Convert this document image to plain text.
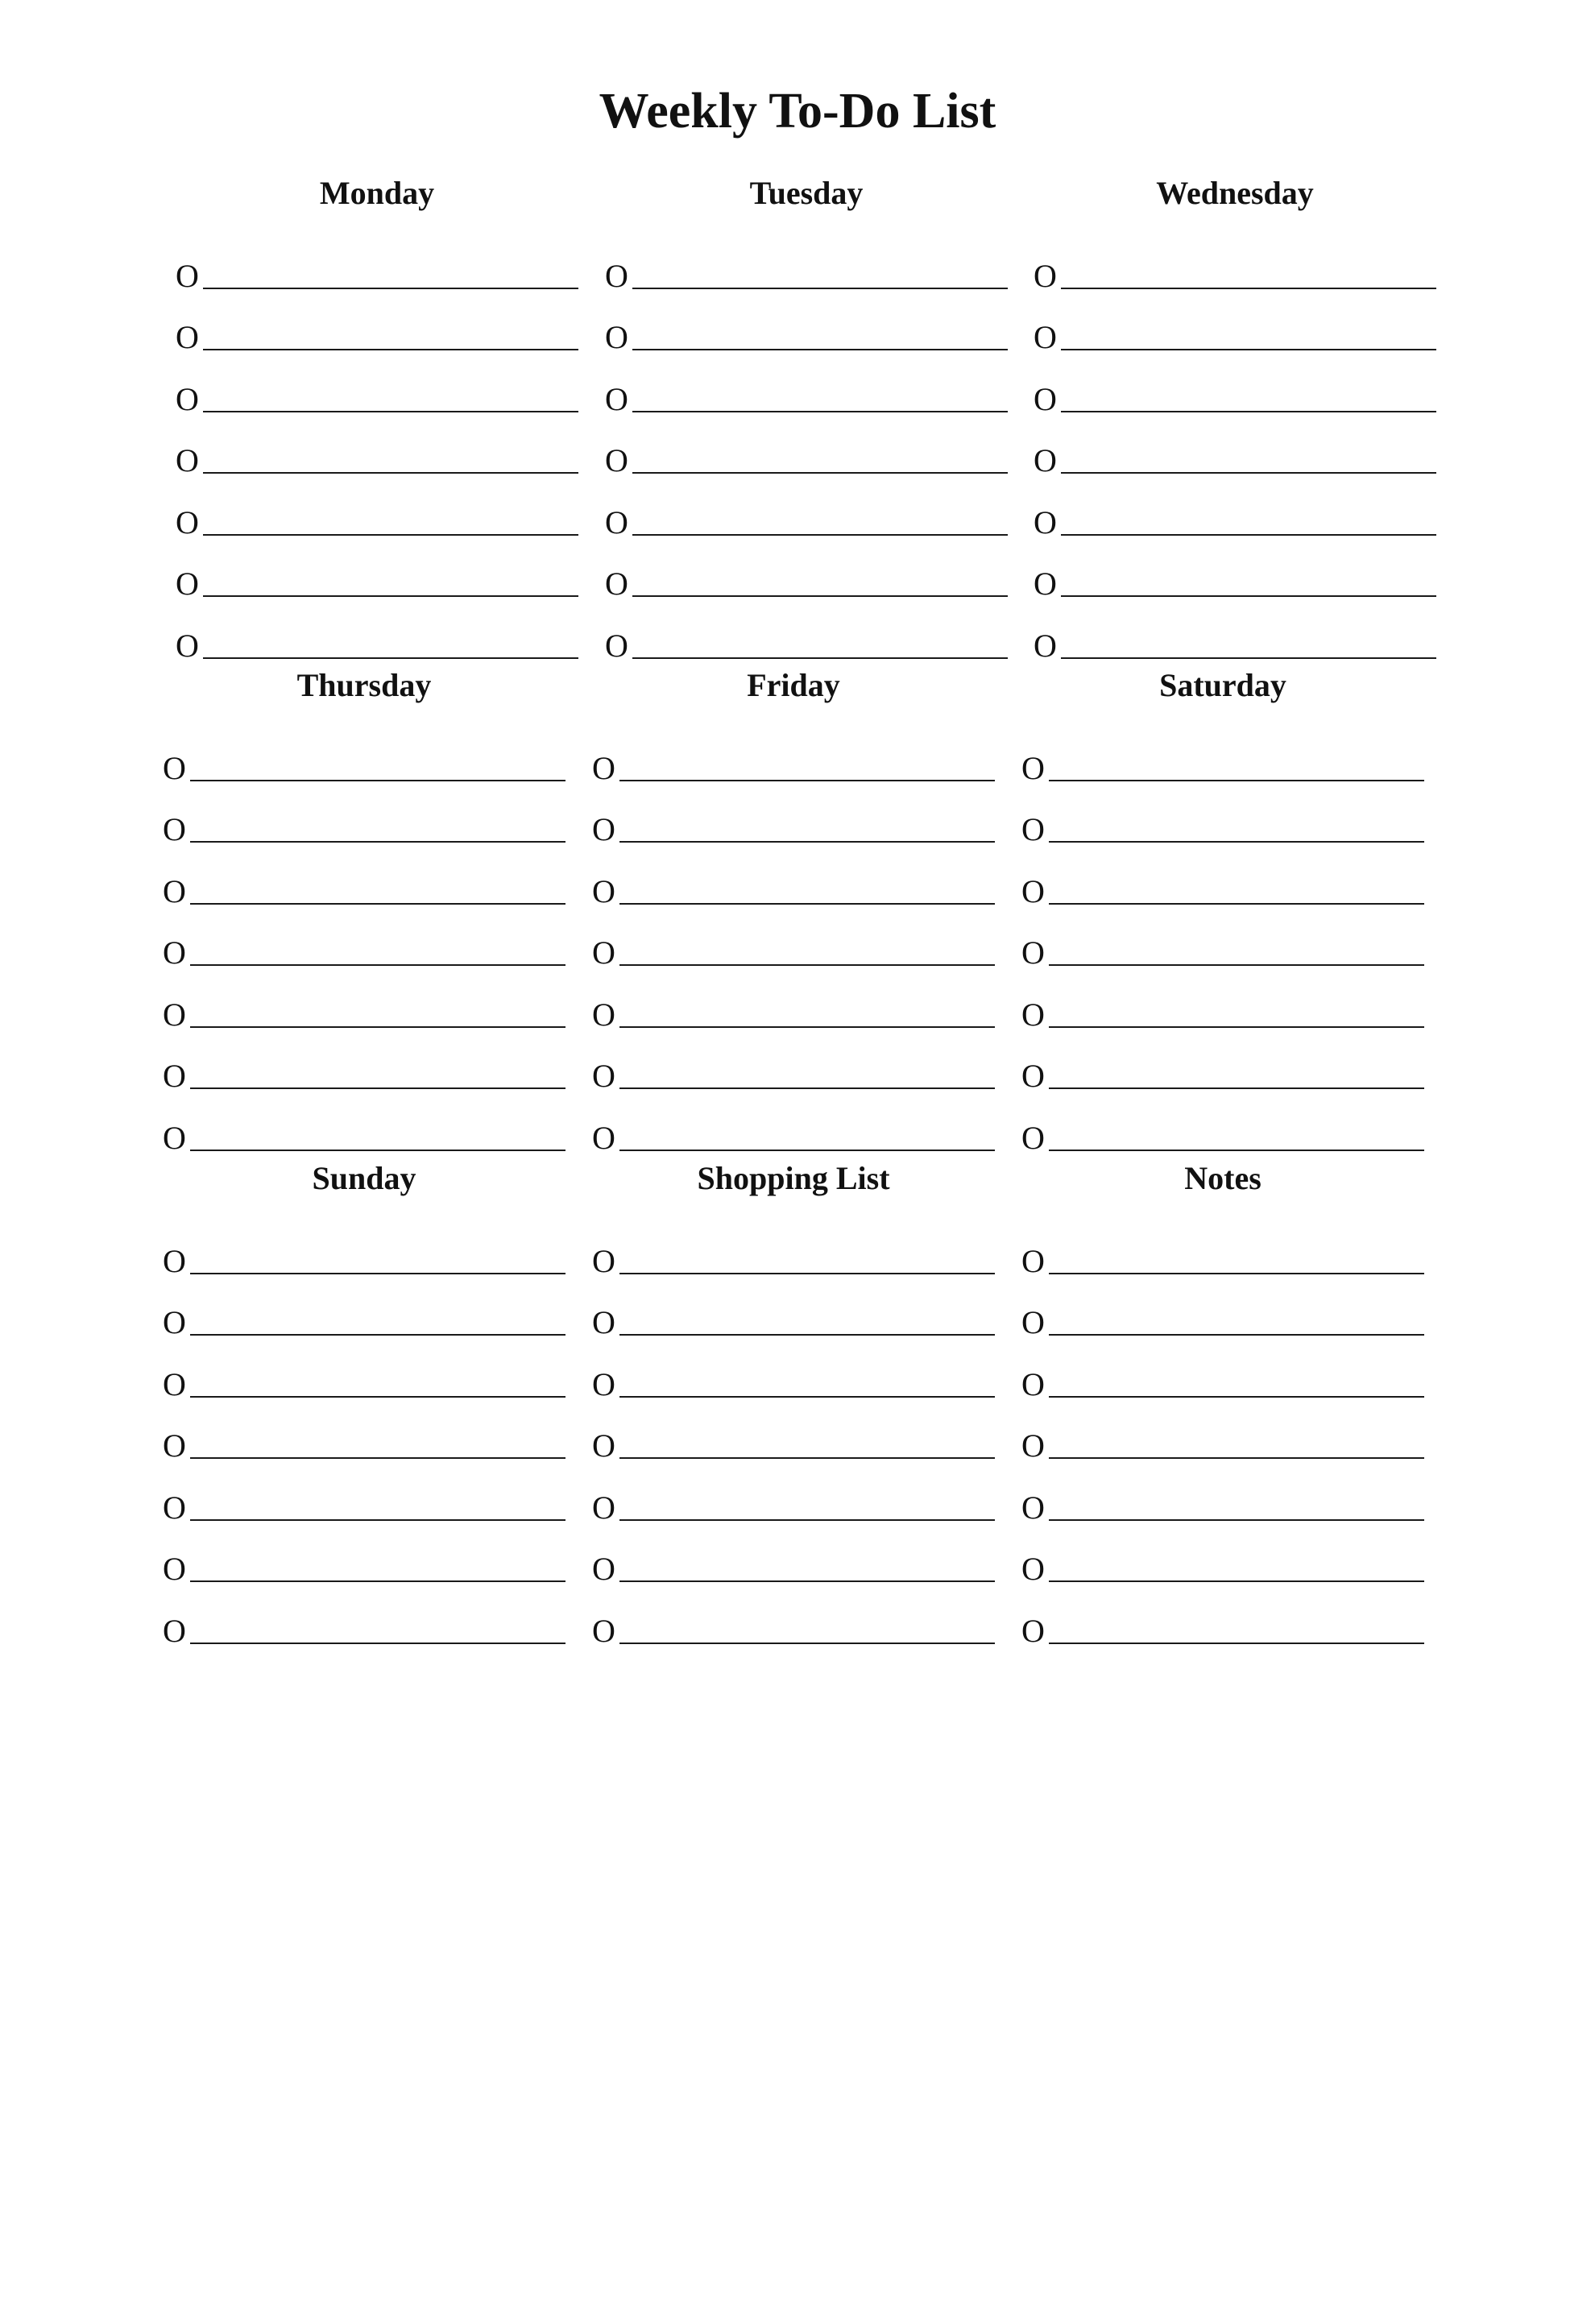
Weekly To-Do List
Monday
O
O
O
O
O
O
O
Tuesday
O
O
O
O
O
O
O
Wednesday
O
O
O
O
O
O
O
Thursday
O
O
O
O
O
O
O
Friday
O
O
O
O
O
O
O
Saturday
O
O
O
O
O
O
O
Sunday
O
O
O
O
O
O
O
Shopping List
O
O
O
O
O
O
O
Notes
O
O
O
O
O
O
O
